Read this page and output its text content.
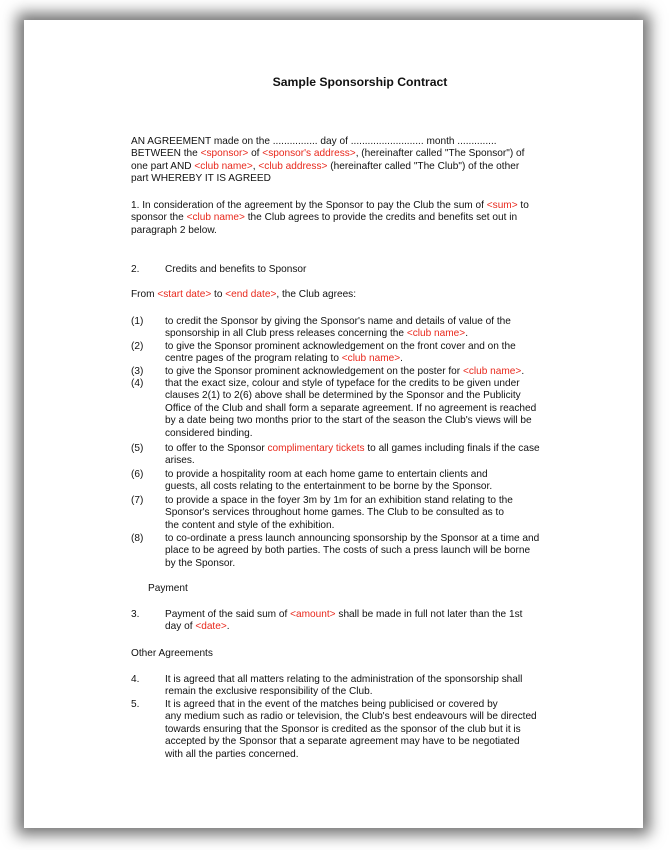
Sample Sponsorship Contract
AN AGREEMENT made on the ................ day of .......................... month ..............
BETWEEN the <sponsor> of <sponsor's address>, (hereinafter called "The Sponsor") of
one part AND <club name>, <club address> (hereinafter called "The Club") of the other
part WHEREBY IT IS AGREED
1. In consideration of the agreement by the Sponsor to pay the Club the sum of <sum> to
sponsor the <club name> the Club agrees to provide the credits and benefits set out in
paragraph 2 below.
2.	Credits and benefits to Sponsor
From <start date> to <end date>, the Club agrees:
(1) to credit the Sponsor by giving the Sponsor's name and details of value of the
sponsorship in all Club press releases concerning the <club name>.
(2) to give the Sponsor prominent acknowledgement on the front cover and on the
centre pages of the program relating to <club name>.
(3) to give the Sponsor prominent acknowledgement on the poster for <club name>.
(4) that the exact size, colour and style of typeface for the credits to be given under
clauses 2(1) to 2(6) above shall be determined by the Sponsor and the Publicity
Office of the Club and shall form a separate agreement. If no agreement is reached
by a date being two months prior to the start of the season the Club's views will be
considered binding.
(5) to offer to the Sponsor complimentary tickets to all games including finals if the case
arises.
(6) to provide a hospitality room at each home game to entertain clients and
guests, all costs relating to the entertainment to be borne by the Sponsor.
(7) to provide a space in the foyer 3m by 1m for an exhibition stand relating to the
Sponsor's services throughout home games. The Club to be consulted as to
the content and style of the exhibition.
(8) to co-ordinate a press launch announcing sponsorship by the Sponsor at a time and
place to be agreed by both parties. The costs of such a press launch will be borne
by the Sponsor.
Payment
3.	Payment of the said sum of <amount> shall be made in full not later than the 1st
day of <date>.
Other Agreements
4.	It is agreed that all matters relating to the administration of the sponsorship shall
remain the exclusive responsibility of the Club.
5.	It is agreed that in the event of the matches being publicised or covered by
any medium such as radio or television, the Club's best endeavours will be directed
towards ensuring that the Sponsor is credited as the sponsor of the club but it is
accepted by the Sponsor that a separate agreement may have to be negotiated
with all the parties concerned.
